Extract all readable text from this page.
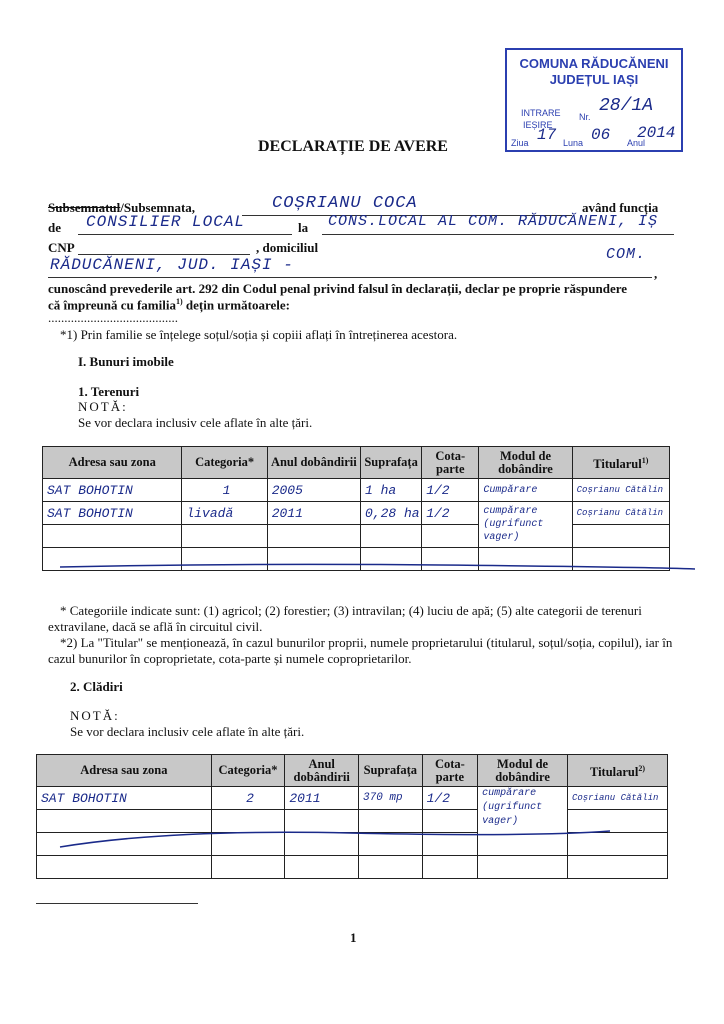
COMUNA RĂDUCĂNENI
JUDEȚUL IAȘI
INTRARE Nr.
28/1A
IEȘIRE
Ziua 17 Luna 06 Anul
2014
DECLARAȚIE DE AVERE
Subsemnatul/Subsemnata,	COȘRIANU COCA	având funcția
de CONSILIER LOCAL	la CONS.LOCAL AL COM. RĂDUCĂNENI, IȘ
CNP	, domiciliul	COM.
RĂDUCĂNENI, JUD. IAȘI -	,
cunoscând prevederile art. 292 din Codul penal privind falsul în declarații, declar pe proprie răspundere
că împreună cu familia$^{1)}$ dețin următoarele:
........................................
*1) Prin familie se înțelege soțul/soția și copiii aflați în întreținerea acestora.
I. Bunuri imobile
1. Terenuri
NOTĂ:
Se vor declara inclusiv cele aflate în alte țări.
Adresa sau zona	Categoria*	Anul dobândirii	Suprafața	Cota-parte	Modul de dobândire	Titularul$^{1)}$
SAT BOHOTIN	1	2005	1 ha	1/2	Cumpărare	Coșrianu Cătălin
SAT BOHOTIN	livadă	2011	0,28 ha	1/2	cumpărare (ugrifunct vager)	Coșrianu Cătălin

* Categoriile indicate sunt: (1) agricol; (2) forestier; (3) intravilan; (4) luciu de apă; (5) alte categorii de terenuri extravilane, dacă se află în circuitul civil.
*2) La "Titular" se menționează, în cazul bunurilor proprii, numele proprietarului (titularul, soțul/soția, copilul), iar în cazul bunurilor în coproprietate, cota-parte și numele coproprietarilor.
2. Clădiri
NOTĂ:
Se vor declara inclusiv cele aflate în alte țări.
Adresa sau zona	Categoria*	Anul dobândirii	Suprafața	Cota-parte	Modul de dobândire	Titularul$^{2)}$
SAT BOHOTIN	2	2011	370 mp	1/2	cumpărare (ugrifunct vager)	Coșrianu Cătălin

1
